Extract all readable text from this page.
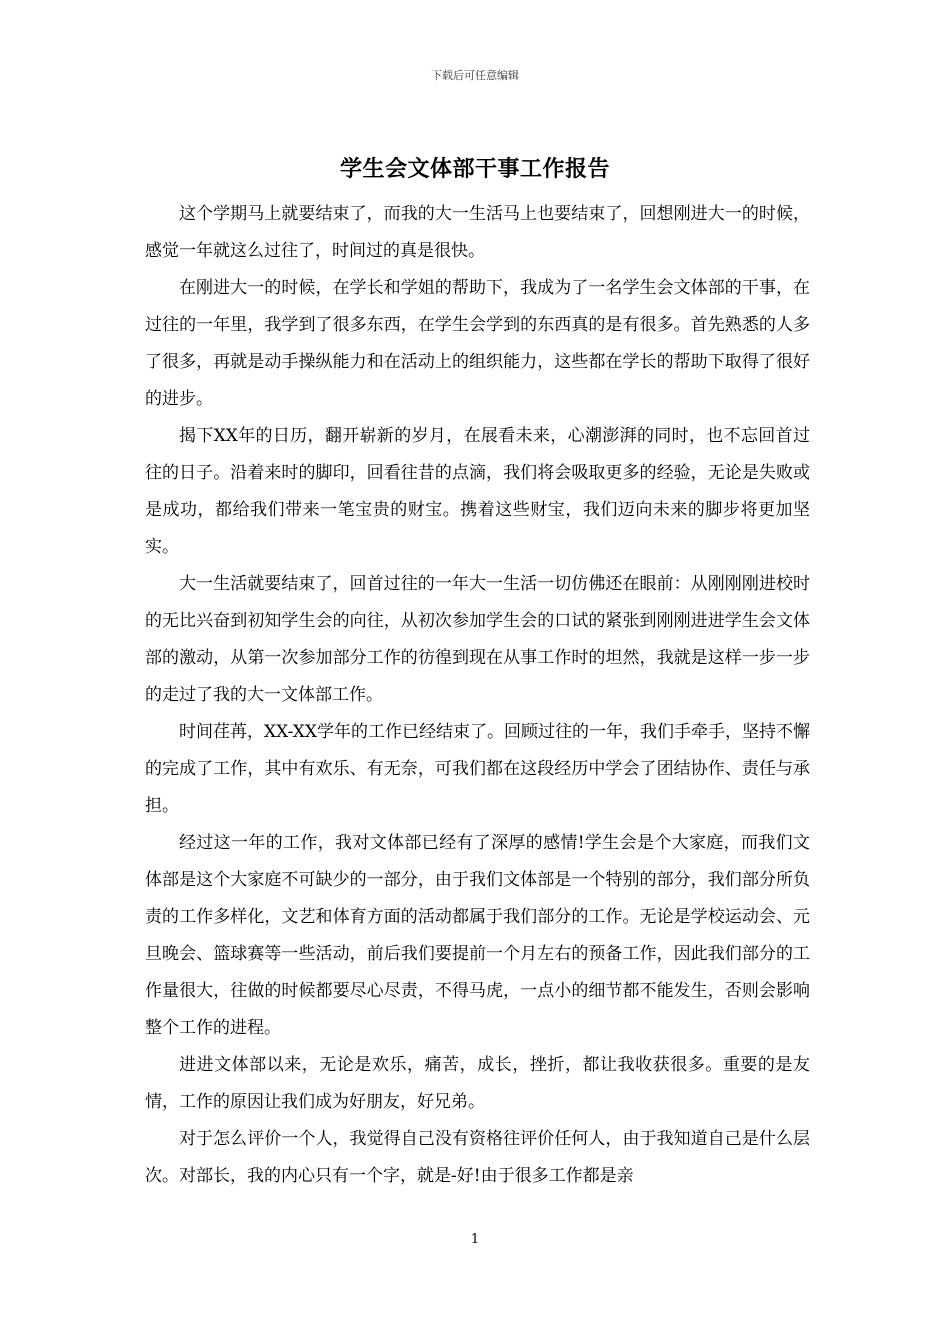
下载后可任意编辑
学生会文体部干事工作报告

这个学期马上就要结束了，而我的大一生活马上也要结束了，回想刚进大一的时候，感觉一年就这么过往了，时间过的真是很快。

在刚进大一的时候，在学长和学姐的帮助下，我成为了一名学生会文体部的干事，在过往的一年里，我学到了很多东西，在学生会学到的东西真的是有很多。首先熟悉的人多了很多，再就是动手操纵能力和在活动上的组织能力，这些都在学长的帮助下取得了很好的进步。

揭下XX年的日历，翻开崭新的岁月，在展看未来，心潮澎湃的同时，也不忘回首过往的日子。沿着来时的脚印，回看往昔的点滴，我们将会吸取更多的经验，无论是失败或是成功，都给我们带来一笔宝贵的财宝。携着这些财宝，我们迈向未来的脚步将更加坚实。

大一生活就要结束了，回首过往的一年大一生活一切仿佛还在眼前：从刚刚刚进校时的无比兴奋到初知学生会的向往，从初次参加学生会的口试的紧张到刚刚进进学生会文体部的激动，从第一次参加部分工作的彷徨到现在从事工作时的坦然，我就是这样一步一步的走过了我的大一文体部工作。

时间荏苒，XX-XX学年的工作已经结束了。回顾过往的一年，我们手牵手，坚持不懈的完成了工作，其中有欢乐、有无奈，可我们都在这段经历中学会了团结协作、责任与承担。

经过这一年的工作，我对文体部已经有了深厚的感情!学生会是个大家庭，而我们文体部是这个大家庭不可缺少的一部分，由于我们文体部是一个特别的部分，我们部分所负责的工作多样化，文艺和体育方面的活动都属于我们部分的工作。无论是学校运动会、元旦晚会、篮球赛等一些活动，前后我们要提前一个月左右的预备工作，因此我们部分的工作量很大，往做的时候都要尽心尽责，不得马虎，一点小的细节都不能发生，否则会影响整个工作的进程。

进进文体部以来，无论是欢乐，痛苦，成长，挫折，都让我收获很多。重要的是友情，工作的原因让我们成为好朋友，好兄弟。

对于怎么评价一个人，我觉得自己没有资格往评价任何人，由于我知道自己是什么层次。对部长，我的内心只有一个字，就是-好!由于很多工作都是亲

1
